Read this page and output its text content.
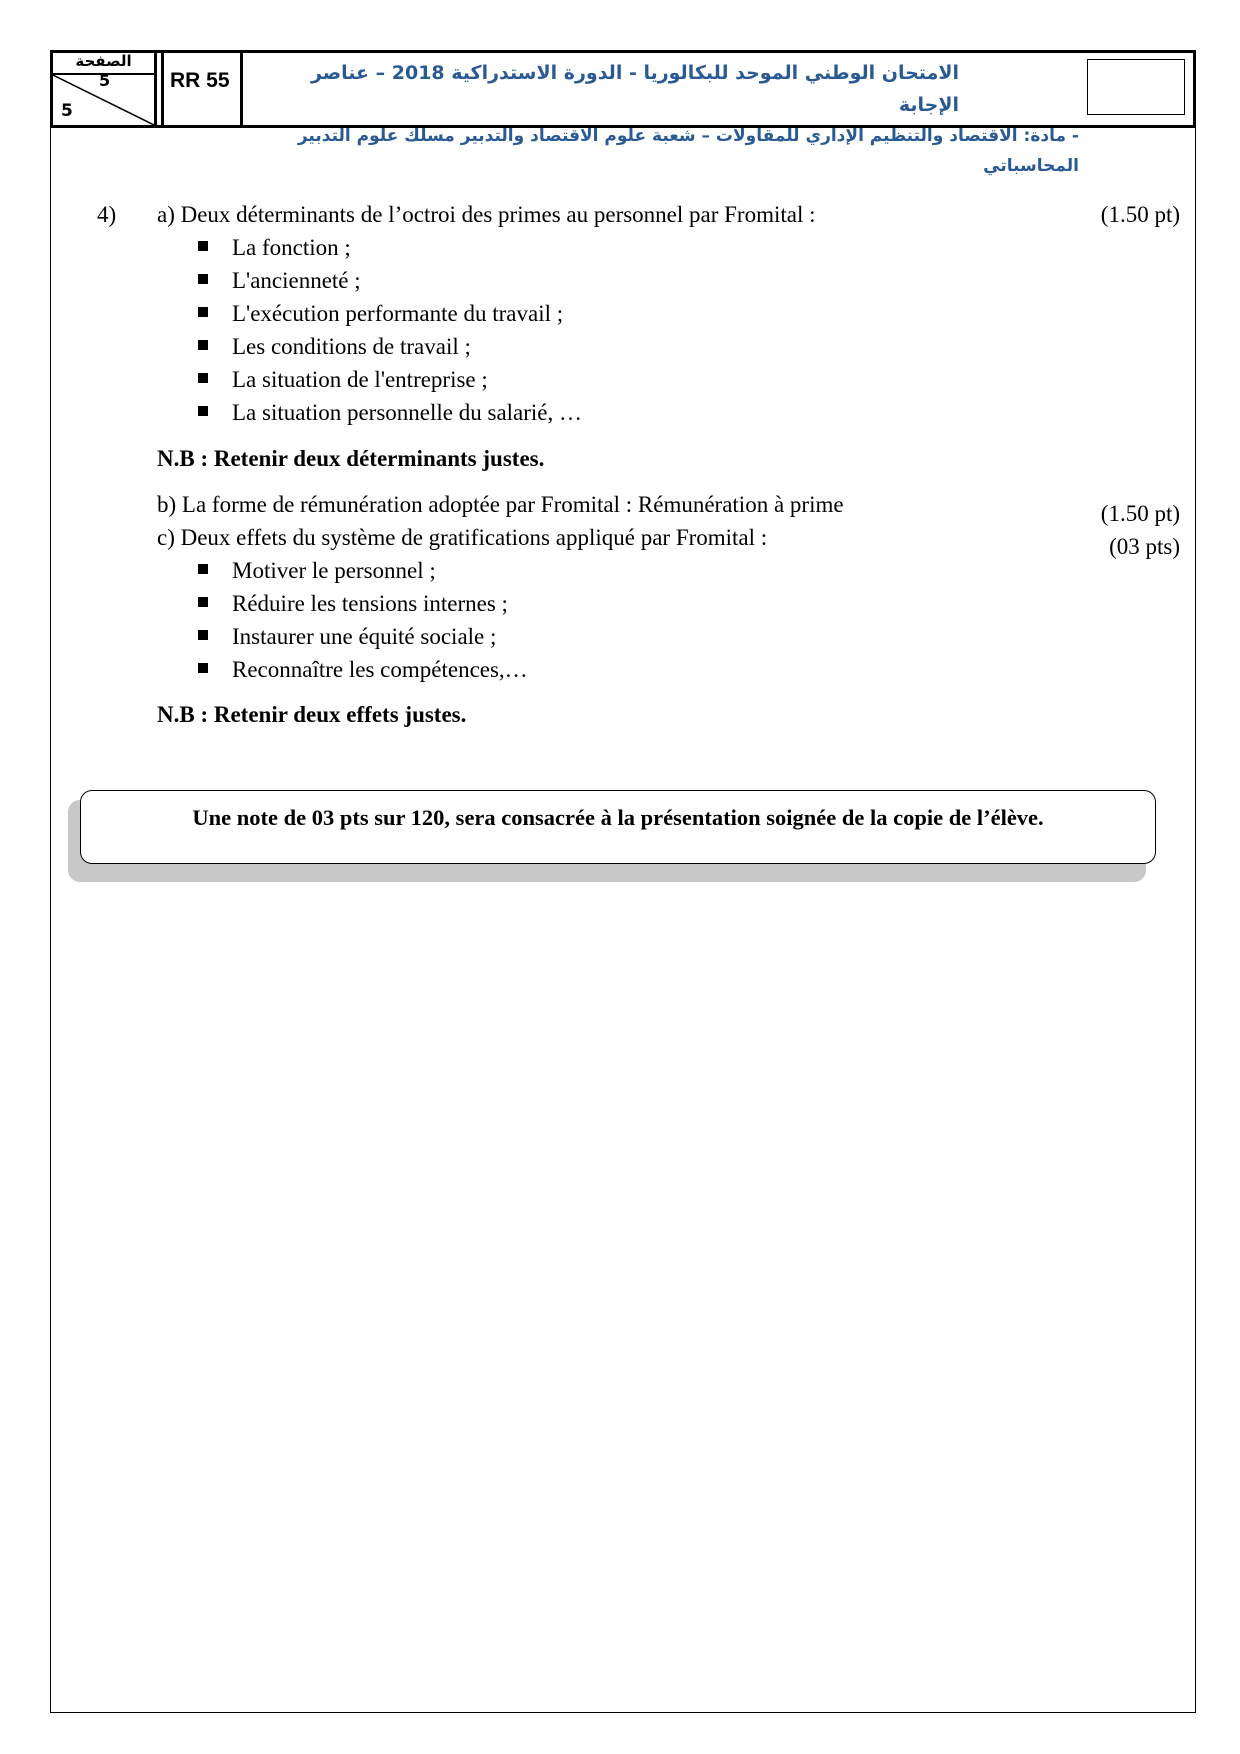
الصفحة
5
5
RR 55	الامتحان الوطني الموحد للبكالوريا - الدورة الاستدراكية 2018 – عناصر الإجابة
- مادة: الاقتصاد والتنظيم الإداري للمقاولات – شعبة علوم الاقتصاد والتدبير مسلك علوم التدبير المحاسباتي
4) a) Deux déterminants de l’octroi des primes au personnel par Fromital :	(1.50 pt)
La fonction ;
L'ancienneté ;
L'exécution performante du travail ;
Les conditions de travail ;
La situation de l'entreprise ;
La situation personnelle du salarié, …
N.B : Retenir deux déterminants justes.
b) La forme de rémunération adoptée par Fromital : Rémunération à prime	(1.50 pt)
c) Deux effets du système de gratifications appliqué par Fromital :	(03 pts)
Motiver le personnel ;
Réduire les tensions internes ;
Instaurer une équité sociale ;
Reconnaître les compétences,…
N.B : Retenir deux effets justes.
Une note de 03 pts sur 120, sera consacrée à la présentation soignée de la copie de l’élève.
